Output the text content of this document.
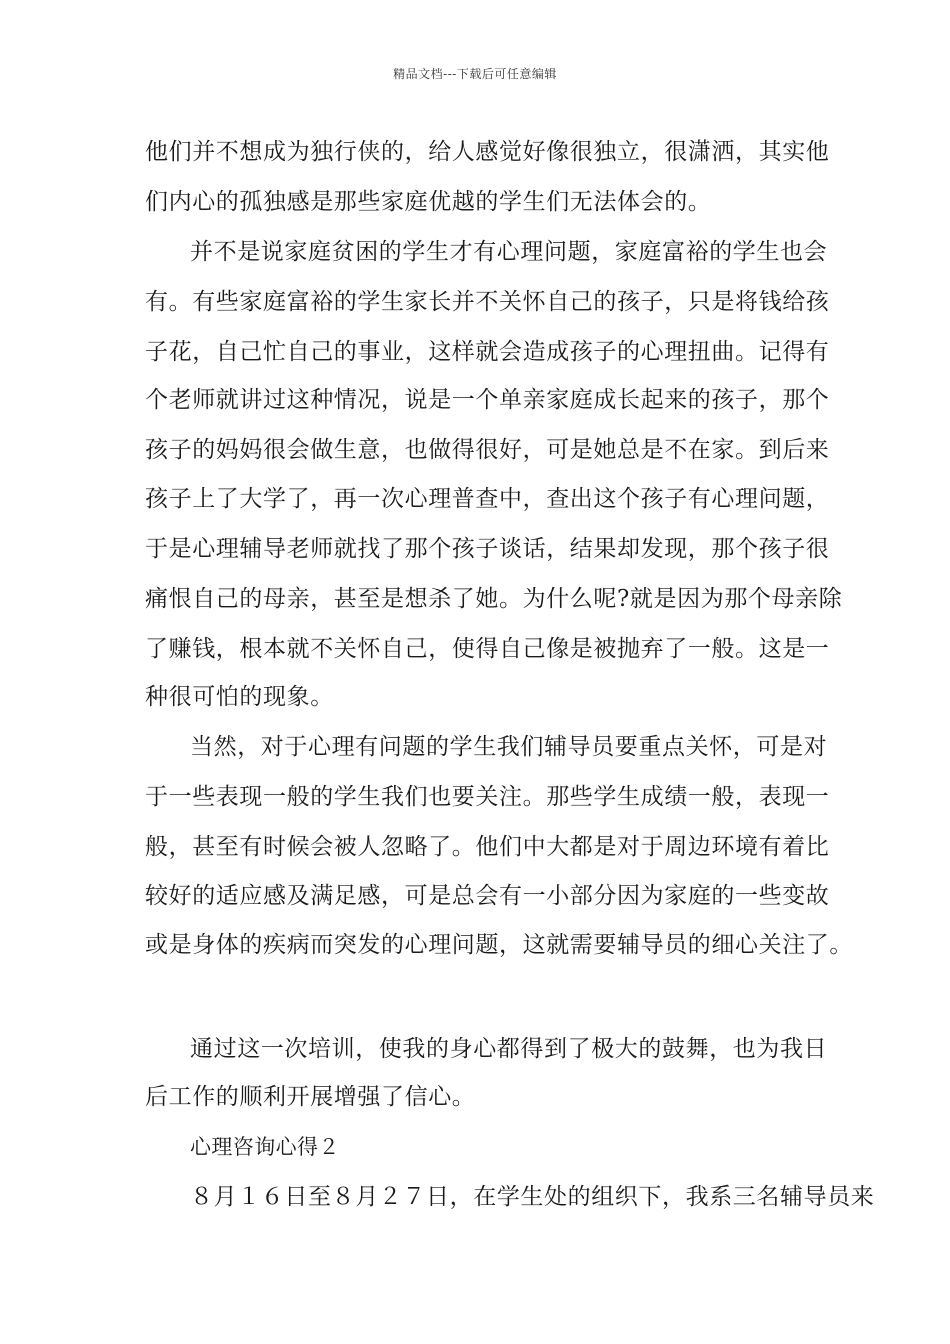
精品文档---下载后可任意编辑
他们并不想成为独行侠的，给人感觉好像很独立，很潇洒，其实他
们内心的孤独感是那些家庭优越的学生们无法体会的。
并不是说家庭贫困的学生才有心理问题，家庭富裕的学生也会
有。有些家庭富裕的学生家长并不关怀自己的孩子，只是将钱给孩
子花，自己忙自己的事业，这样就会造成孩子的心理扭曲。记得有
个老师就讲过这种情况，说是一个单亲家庭成长起来的孩子，那个
孩子的妈妈很会做生意，也做得很好，可是她总是不在家。到后来
孩子上了大学了，再一次心理普查中，查出这个孩子有心理问题，
于是心理辅导老师就找了那个孩子谈话，结果却发现，那个孩子很
痛恨自己的母亲，甚至是想杀了她。为什么呢?就是因为那个母亲除
了赚钱，根本就不关怀自己，使得自己像是被抛弃了一般。这是一
种很可怕的现象。
当然，对于心理有问题的学生我们辅导员要重点关怀，可是对
于一些表现一般的学生我们也要关注。那些学生成绩一般，表现一
般，甚至有时候会被人忽略了。他们中大都是对于周边环境有着比
较好的适应感及满足感，可是总会有一小部分因为家庭的一些变故
或是身体的疾病而突发的心理问题，这就需要辅导员的细心关注了。
通过这一次培训，使我的身心都得到了极大的鼓舞，也为我日
后工作的顺利开展增强了信心。
心理咨询心得２
８月１６日至８月２７日，在学生处的组织下，我系三名辅导员来
